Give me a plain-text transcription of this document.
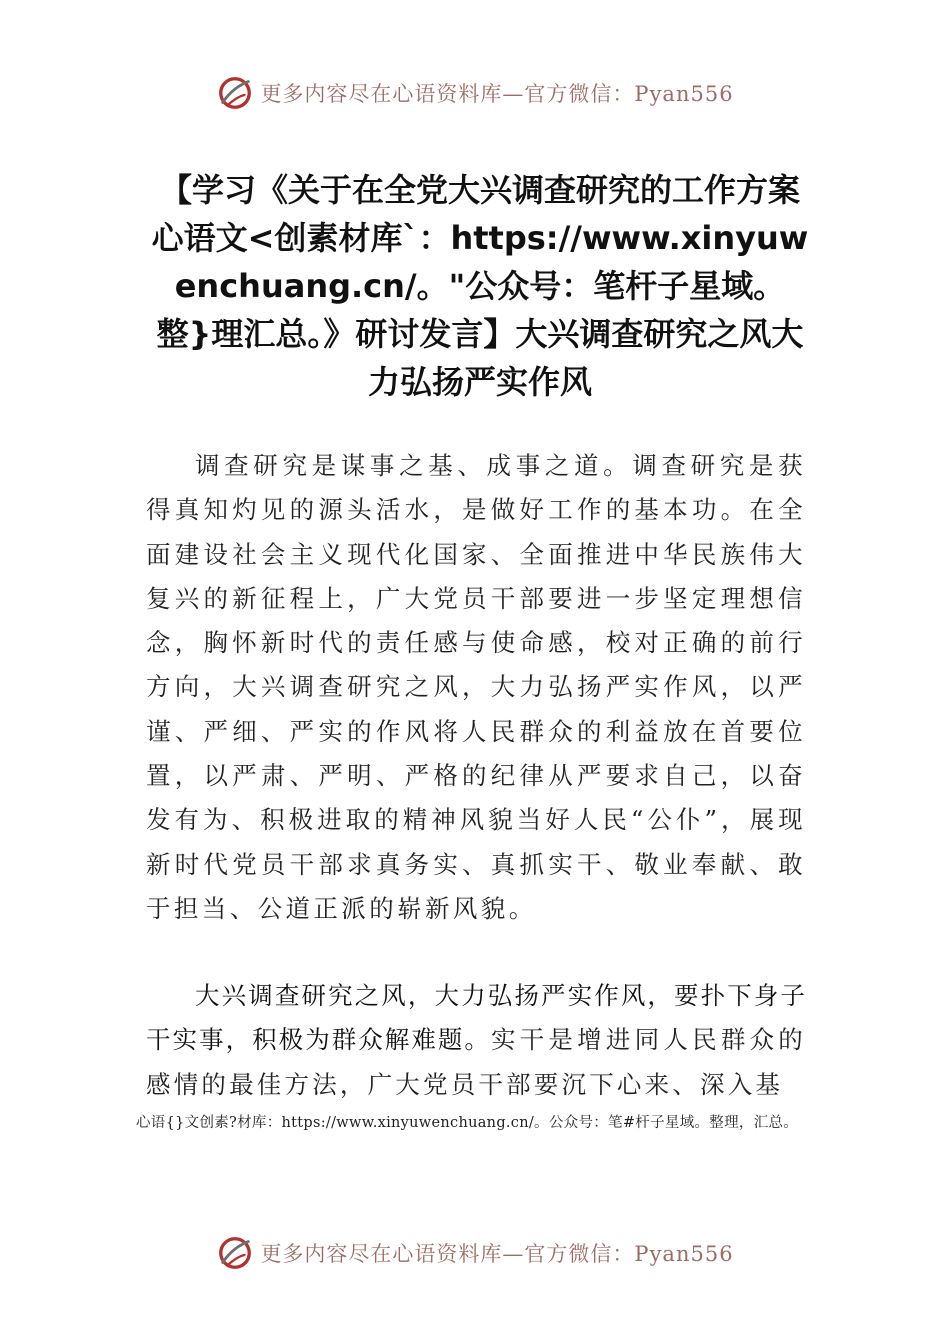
更多内容尽在心语资料库—官方微信：Pyan556
【学习《关于在全党大兴调查研究的工作方案心语文<创素材库`：https://www.xinyuwenchuang.cn/。"公众号：笔杆子星域。整}理汇总。》研讨发言】大兴调查研究之风大力弘扬严实作风

调查研究是谋事之基、成事之道。调查研究是获得真知灼见的源头活水，是做好工作的基本功。在全面建设社会主义现代化国家、全面推进中华民族伟大复兴的新征程上，广大党员干部要进一步坚定理想信念，胸怀新时代的责任感与使命感，校对正确的前行方向，大兴调查研究之风，大力弘扬严实作风，以严谨、严细、严实的作风将人民群众的利益放在首要位置，以严肃、严明、严格的纪律从严要求自己，以奋发有为、积极进取的精神风貌当好人民“公仆”，展现新时代党员干部求真务实、真抓实干、敬业奉献、敢于担当、公道正派的崭新风貌。

大兴调查研究之风，大力弘扬严实作风，要扑下身子干实事，积极为群众解难题。实干是增进同人民群众的感情的最佳方法，广大党员干部要沉下心来、深入基

心语{}文创素?材库：https://www.xinyuwenchuang.cn/。公众号：笔#杆子星域。整理，汇总。
更多内容尽在心语资料库—官方微信：Pyan556
